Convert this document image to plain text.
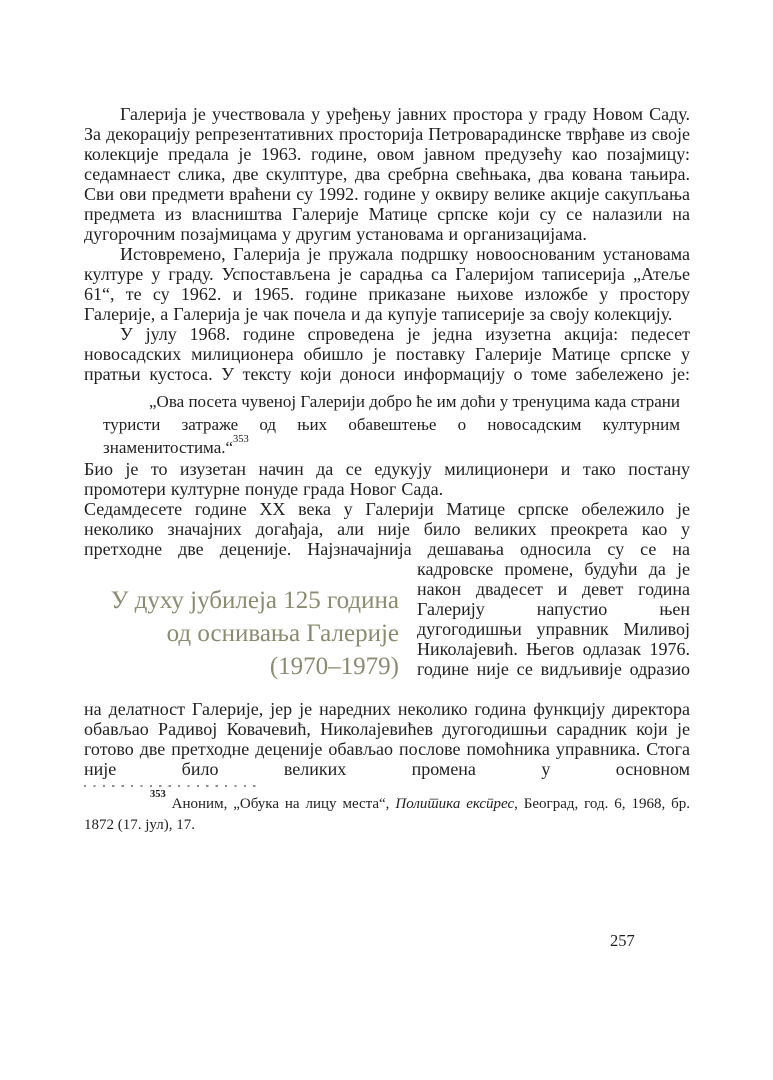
Галерија је учествовала у уређењу јавних простора у граду Новом Саду. За декорацију репрезентативних просторија Петроварадинске тврђаве из своје колекције предала је 1963. године, овом јавном предузећу као позајмицу: седамнаест слика, две скулптуре, два сребрна свећњака, два кована тањира. Сви ови предмети враћени су 1992. године у оквиру велике акције сакупљања предмета из власништва Галерије Матице српске који су се налазили на дугорочним позајмицама у другим установама и организацијама.

Истовремено, Галерија је пружала подршку новооснованим установама културе у граду. Успостављена је сарадња са Галеријом таписерија „Атеље 61“, те су 1962. и 1965. године приказане њихове изложбе у простору Галерије, а Галерија је чак почела и да купује таписерије за своју колекцију.

У јулу 1968. године спроведена је једна изузетна акција: педесет новосадских милиционера обишло је поставку Галерије Матице српске у пратњи кустоса. У тексту који доноси информацију о томе забележено је:

„Ова посета чувеној Галерији добро ће им доћи у тренуцима када страни туристи затраже од њих обавештење о новосадским културним знаменитостима.“$^{353}$

Био је то изузетан начин да се едукују милиционери и тако постану промотери културне понуде града Новог Сада.

Седамдесете године XX века у Галерији Матице српске обележило је неколико значајних догађаја, али није било великих преокрета као у претходне две деценије. Најзначајнија дешавања односила су се на

У духу јубилеја 125 година
од оснивања Галерије
(1970–1979)

кадровске промене, будући да је након двадесет и девет година Галерију напустио њен дугогодишњи управник Миливој Николајевић. Његов одлазак 1976. године није се видљивије одразио

на делатност Галерије, јер је наредних неколико година функцију директора обављао Радивој Ковачевић, Николајевићев дугогодишњи сарадник који је готово две претходне деценије обављао послове помоћника управника. Стога није било великих промена у основном

$^{353}$ Аноним, „Обука на лицу места“, Политика експрес, Београд, год. 6, 1968, бр. 1872 (17. јул), 17.

257
